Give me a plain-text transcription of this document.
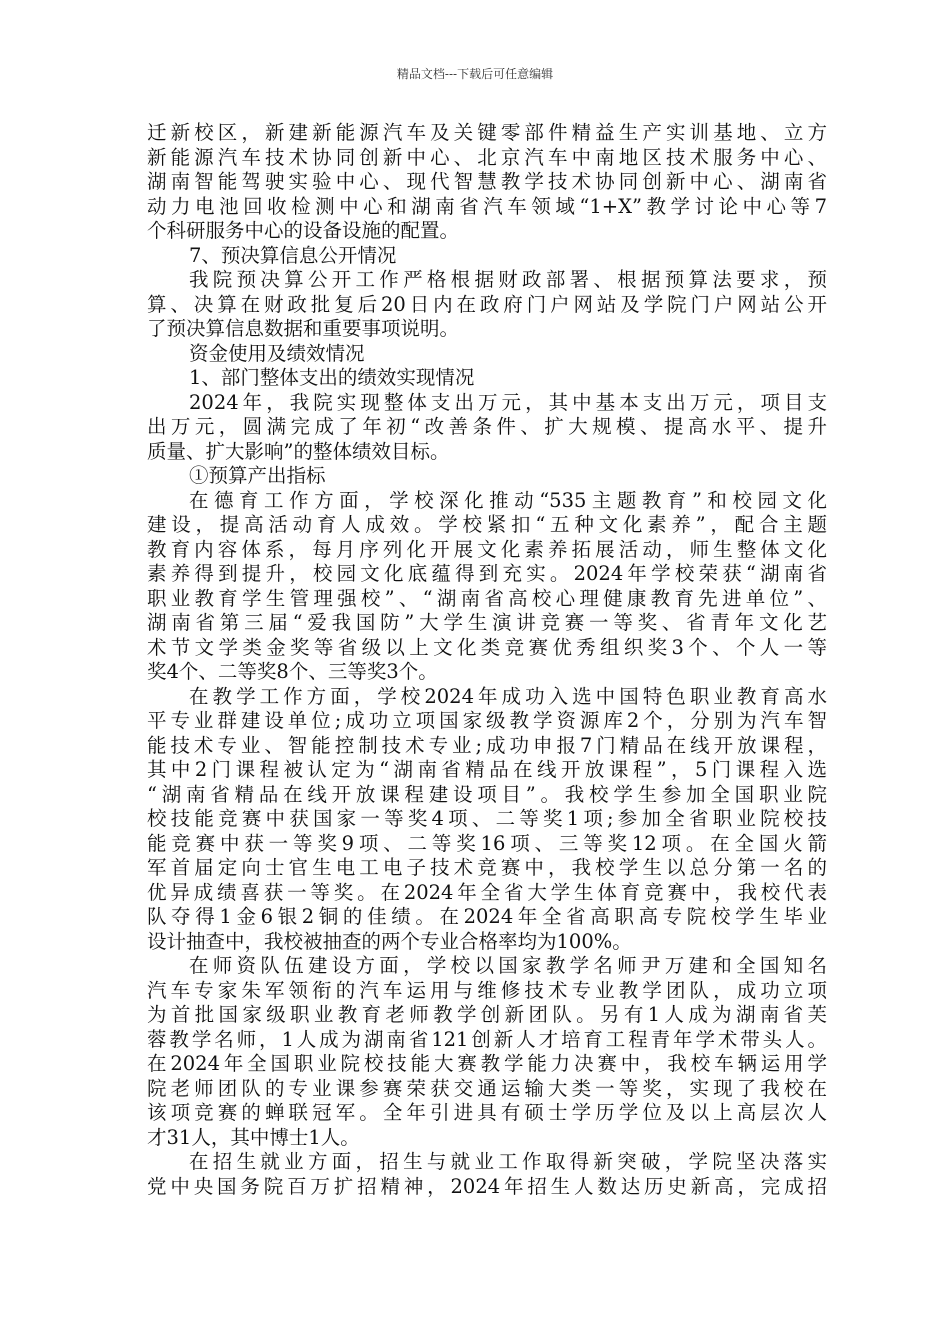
精品文档---下载后可任意编辑
迁新校区，新建新能源汽车及关键零部件精益生产实训基地、立方
新能源汽车技术协同创新中心、北京汽车中南地区技术服务中心、
湖南智能驾驶实验中心、现代智慧教学技术协同创新中心、湖南省
动力电池回收检测中心和湖南省汽车领域“1+X”教学讨论中心等7
个科研服务中心的设备设施的配置。
7、预决算信息公开情况
我院预决算公开工作严格根据财政部署、根据预算法要求，预
算、决算在财政批复后20日内在政府门户网站及学院门户网站公开
了预决算信息数据和重要事项说明。
资金使用及绩效情况
1、部门整体支出的绩效实现情况
2024年，我院实现整体支出万元，其中基本支出万元，项目支
出万元，圆满完成了年初“改善条件、扩大规模、提高水平、提升
质量、扩大影响”的整体绩效目标。
①预算产出指标
在德育工作方面，学校深化推动“535主题教育”和校园文化
建设，提高活动育人成效。学校紧扣“五种文化素养”，配合主题
教育内容体系，每月序列化开展文化素养拓展活动，师生整体文化
素养得到提升，校园文化底蕴得到充实。2024年学校荣获“湖南省
职业教育学生管理强校”、“湖南省高校心理健康教育先进单位”、
湖南省第三届“爱我国防”大学生演讲竞赛一等奖、省青年文化艺
术节文学类金奖等省级以上文化类竞赛优秀组织奖3个、个人一等
奖4个、二等奖8个、三等奖3个。
在教学工作方面，学校2024年成功入选中国特色职业教育高水
平专业群建设单位;成功立项国家级教学资源库2个，分别为汽车智
能技术专业、智能控制技术专业;成功申报7门精品在线开放课程，
其中2门课程被认定为“湖南省精品在线开放课程”，5门课程入选
“湖南省精品在线开放课程建设项目”。我校学生参加全国职业院
校技能竞赛中获国家一等奖4项、二等奖1项;参加全省职业院校技
能竞赛中获一等奖9项、二等奖16项、三等奖12项。在全国火箭
军首届定向士官生电工电子技术竞赛中，我校学生以总分第一名的
优异成绩喜获一等奖。在2024年全省大学生体育竞赛中，我校代表
队夺得1金6银2铜的佳绩。在2024年全省高职高专院校学生毕业
设计抽查中，我校被抽查的两个专业合格率均为100%。
在师资队伍建设方面，学校以国家教学名师尹万建和全国知名
汽车专家朱军领衔的汽车运用与维修技术专业教学团队，成功立项
为首批国家级职业教育老师教学创新团队。另有1人成为湖南省芙
蓉教学名师，1人成为湖南省121创新人才培育工程青年学术带头人。
在2024年全国职业院校技能大赛教学能力决赛中，我校车辆运用学
院老师团队的专业课参赛荣获交通运输大类一等奖，实现了我校在
该项竞赛的蝉联冠军。全年引进具有硕士学历学位及以上高层次人
才31人，其中博士1人。
在招生就业方面，招生与就业工作取得新突破，学院坚决落实
党中央国务院百万扩招精神，2024年招生人数达历史新高，完成招
